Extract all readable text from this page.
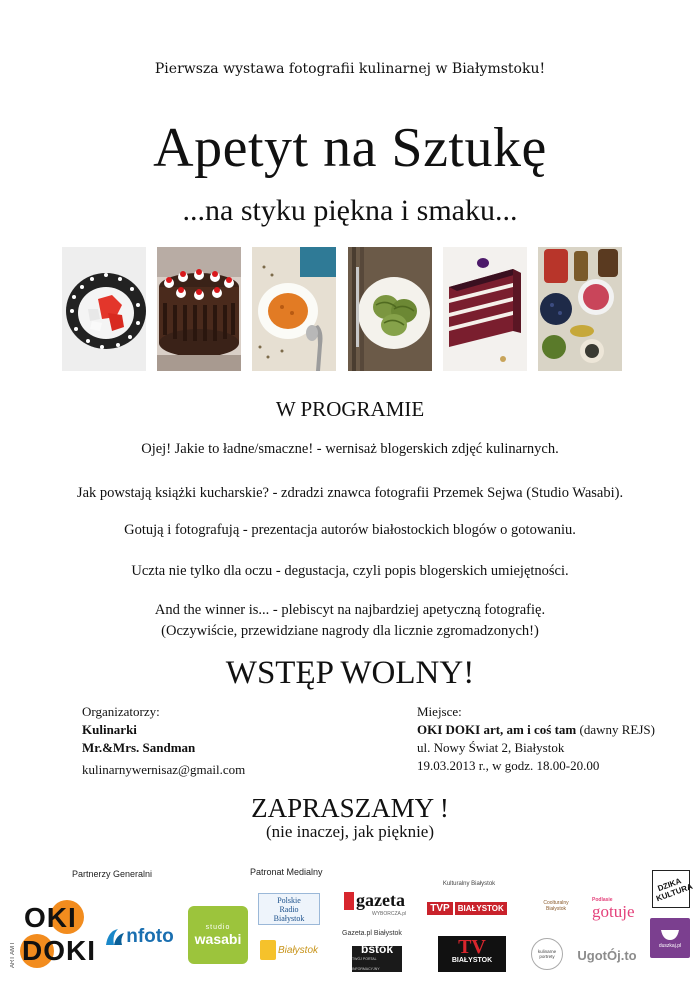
Pierwsza wystawa fotografii kulinarnej w Białymstoku!
Apetyt na Sztukę
...na styku piękna i smaku...
W PROGRAMIE
Ojej! Jakie to ładne/smaczne! - wernisaż blogerskich zdjęć kulinarnych.
Jak powstają książki kucharskie? - zdradzi znawca fotografii Przemek Sejwa (Studio Wasabi).
Gotują i fotografują - prezentacja autorów białostockich blogów o gotowaniu.
Uczta nie tylko dla oczu - degustacja, czyli popis blogerskich umiejętności.
And the winner is... - plebiscyt na najbardziej apetyczną fotografię.
(Oczywiście, przewidziane nagrody dla licznie zgromadzonych!)
WSTĘP WOLNY!
Organizatorzy:
Kulinarki
Mr.&Mrs. Sandman
kulinarnywernisaz@gmail.com
Miejsce:
OKI DOKI art, am i coś tam (dawny REJS)
ul. Nowy Świat 2, Białystok
19.03.2013 r., w godz. 18.00-20.00
ZAPRASZAMY !
(nie inaczej, jak pięknie)
Partnerzy Generalni	Patronat Medialny
ART AM I
OKI
DOKI nfoto	studio
wasabi
Polskie
Radio
Białystok
Białystok
gazeta
WYBORCZA.pl
Gazeta.pl Białystok
bstok
TWÓJ PORTAL INFORMACYJNY
Kulturalny Białystok
TVP	BIAŁYSTOK
TV
BIAŁYSTOK
Coolturalny Białystok
Podlasie
gotuje
DZIKA KULTURA
kulinarne portrety	UgotÓj.to
duszkaj.pl
